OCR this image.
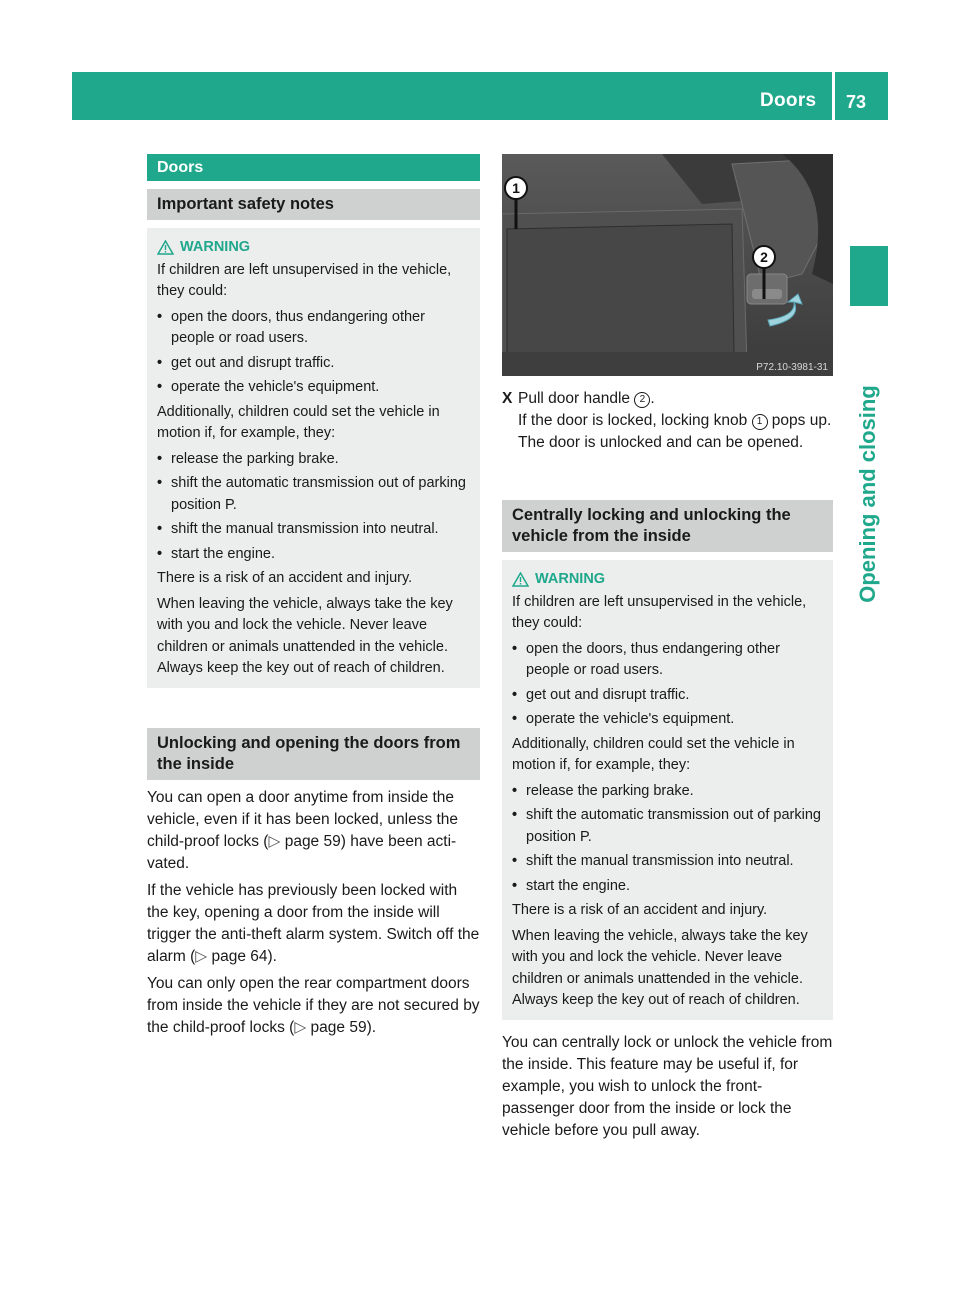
Doors 73
Opening and closing
Doors
Important safety notes
WARNING

If children are left unsupervised in the vehicle, they could:

• open the doors, thus endangering other people or road users.
• get out and disrupt traffic.
• operate the vehicle's equipment.

Additionally, children could set the vehicle in motion if, for example, they:

• release the parking brake.
• shift the automatic transmission out of parking position P.
• shift the manual transmission into neutral.
• start the engine.

There is a risk of an accident and injury.

When leaving the vehicle, always take the key with you and lock the vehicle. Never leave children or animals unattended in the vehicle. Always keep the key out of reach of children.

Unlocking and opening the doors from the inside

You can open a door anytime from inside the vehicle, even if it has been locked, unless the child-proof locks (▷ page 59) have been acti-vated.

If the vehicle has previously been locked with the key, opening a door from the inside will trigger the anti-theft alarm system. Switch off the alarm (▷ page 64).

You can only open the rear compartment doors from inside the vehicle if they are not secured by the child-proof locks (▷ page 59).

1
2
P72.10-3981-31
X Pull door handle 2 .
If the door is locked, locking knob 1 pops up. The door is unlocked and can be opened.
Centrally locking and unlocking the vehicle from the inside
WARNING

If children are left unsupervised in the vehicle, they could:

• open the doors, thus endangering other people or road users.
• get out and disrupt traffic.
• operate the vehicle's equipment.

Additionally, children could set the vehicle in motion if, for example, they:

• release the parking brake.
• shift the automatic transmission out of parking position P.
• shift the manual transmission into neutral.
• start the engine.

There is a risk of an accident and injury.

When leaving the vehicle, always take the key with you and lock the vehicle. Never leave children or animals unattended in the vehicle. Always keep the key out of reach of children.

You can centrally lock or unlock the vehicle from the inside. This feature may be useful if, for example, you wish to unlock the front-passenger door from the inside or lock the vehicle before you pull away.
